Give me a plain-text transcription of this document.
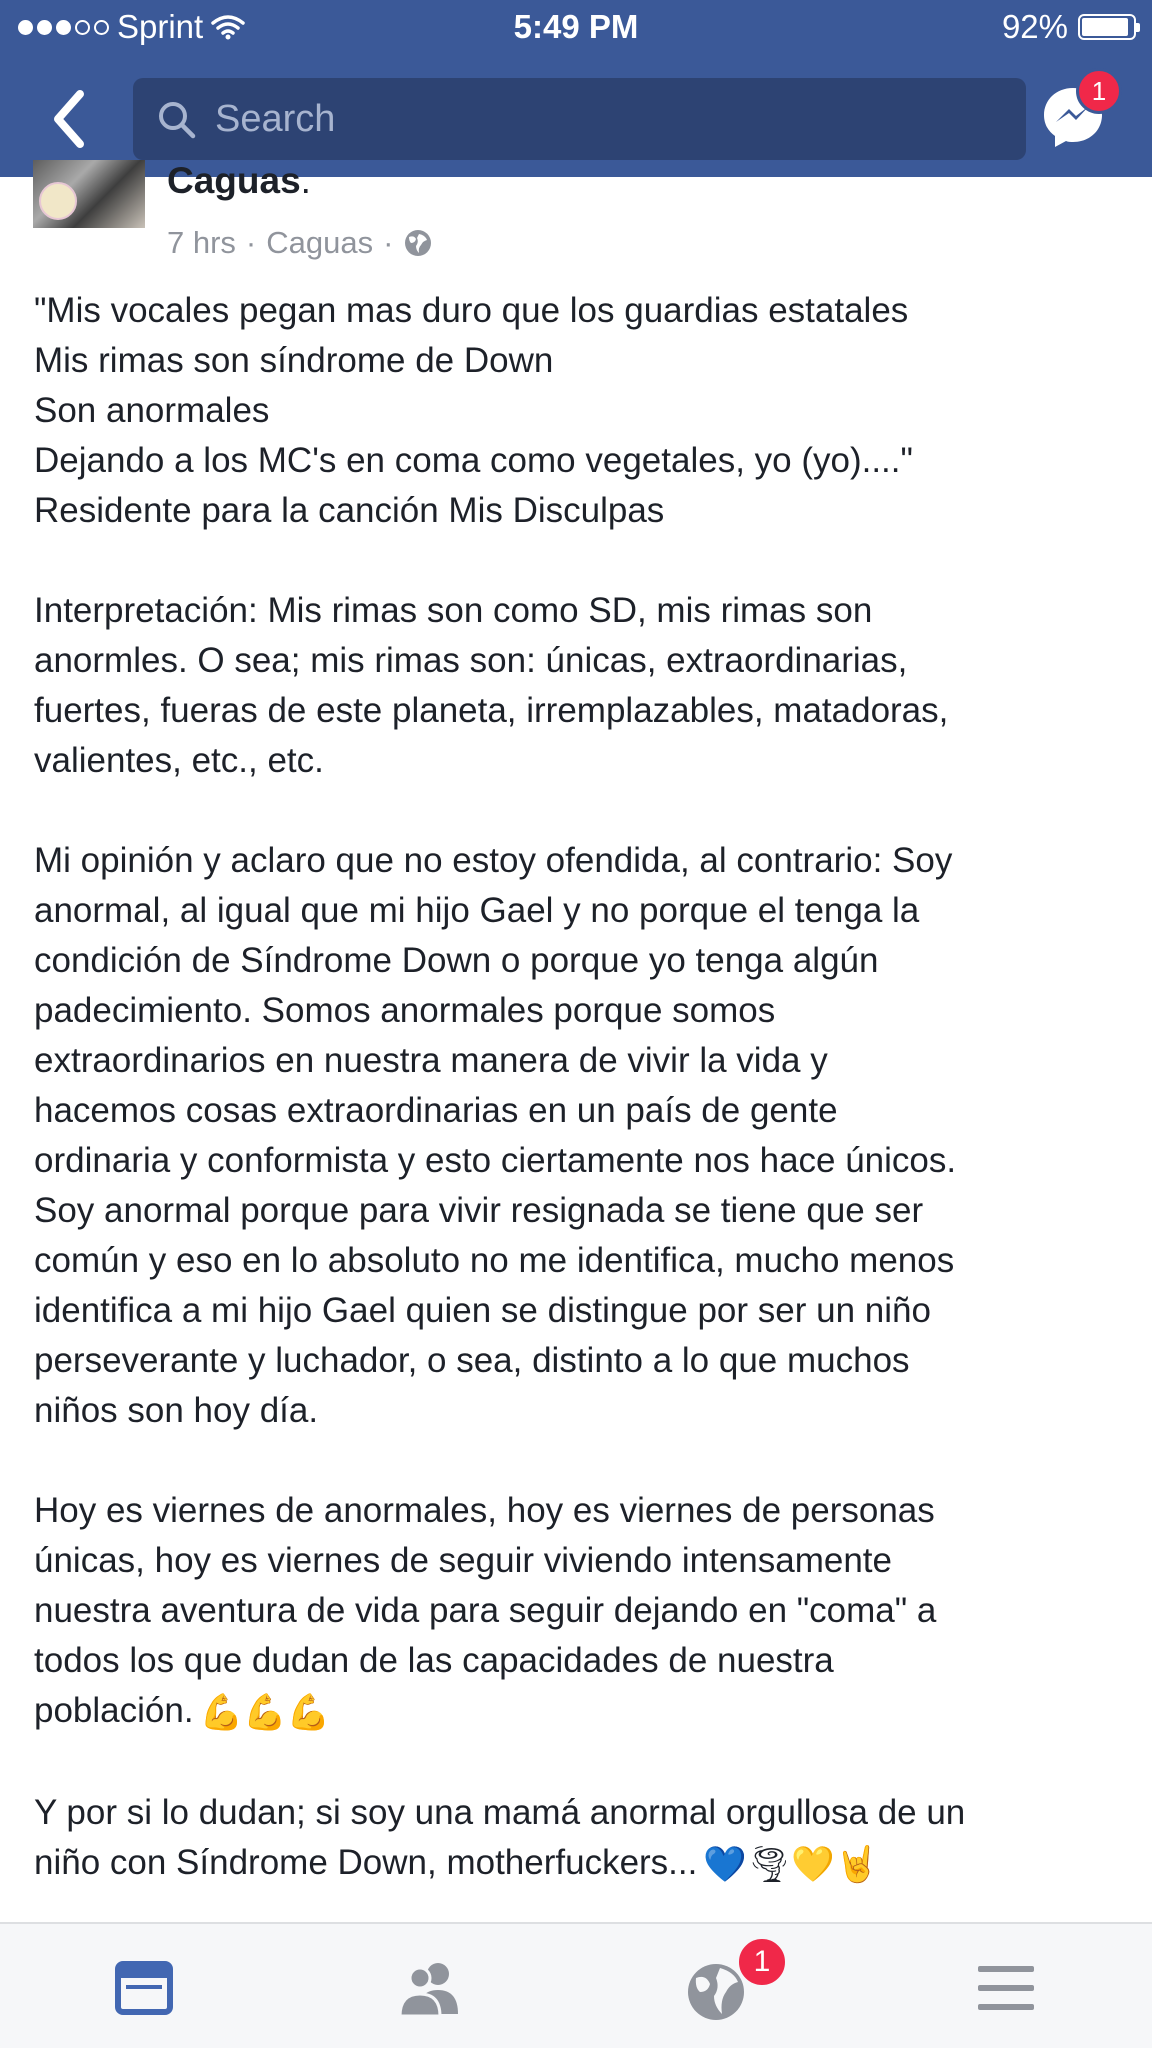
Sprint	5:49 PM	92%
Search
1
Caguas.
7 hrs · Caguas ·

"Mis vocales pegan mas duro que los guardias estatales
Mis rimas son síndrome de Down
Son anormales
Dejando a los MC's en coma como vegetales, yo (yo)...."
Residente para la canción Mis Disculpas

Interpretación: Mis rimas son como SD, mis rimas son
anormles. O sea; mis rimas son: únicas, extraordinarias,
fuertes, fueras de este planeta, irremplazables, matadoras,
valientes, etc., etc.

Mi opinión y aclaro que no estoy ofendida, al contrario: Soy
anormal, al igual que mi hijo Gael y no porque el tenga la
condición de Síndrome Down o porque yo tenga algún
padecimiento. Somos anormales porque somos
extraordinarios en nuestra manera de vivir la vida y
hacemos cosas extraordinarias en un país de gente
ordinaria y conformista y esto ciertamente nos hace únicos.
Soy anormal porque para vivir resignada se tiene que ser
común y eso en lo absoluto no me identifica, mucho menos
identifica a mi hijo Gael quien se distingue por ser un niño
perseverante y luchador, o sea, distinto a lo que muchos
niños son hoy día.

Hoy es viernes de anormales, hoy es viernes de personas
únicas, hoy es viernes de seguir viviendo intensamente
nuestra aventura de vida para seguir dejando en "coma" a
todos los que dudan de las capacidades de nuestra
población. 💪💪💪

Y por si lo dudan; si soy una mamá anormal orgullosa de un
niño con Síndrome Down, motherfuckers... 💙🌪💛🤘

1
